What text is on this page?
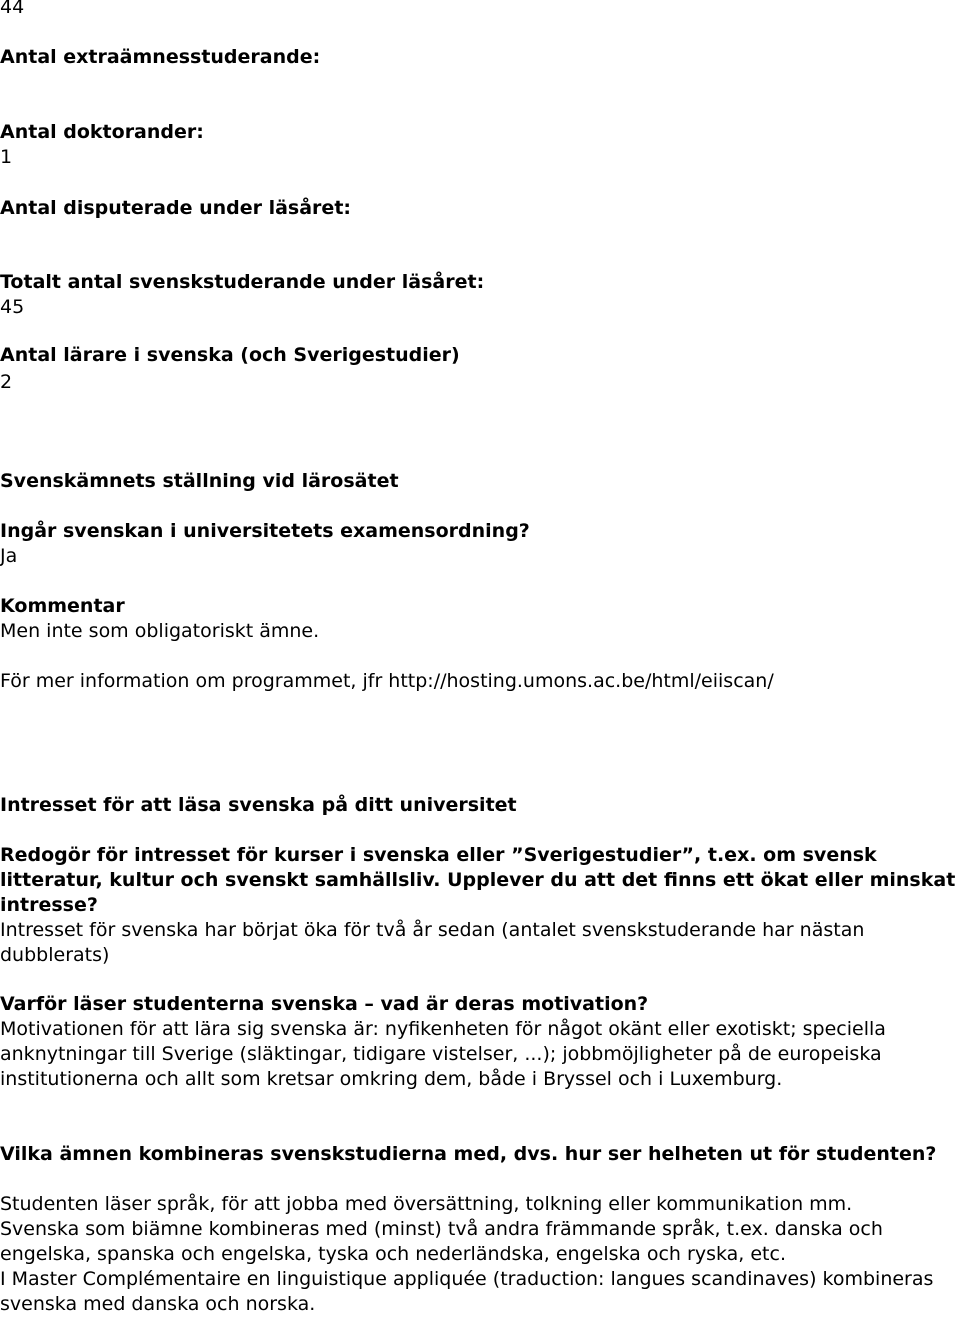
44
Antal extraämnesstuderande:
Antal doktorander:
1
Antal disputerade under läsåret:
Totalt antal svenskstuderande under läsåret:
45
Antal lärare i svenska (och Sverigestudier)
2
Svenskämnets ställning vid lärosätet
Ingår svenskan i universitetets examensordning?
Ja
Kommentar
Men inte som obligatoriskt ämne.
För mer information om programmet, jfr http://hosting.umons.ac.be/html/eiiscan/
Intresset för att läsa svenska på ditt universitet

Redogör för intresset för kurser i svenska eller ”Sverigestudier”, t.ex. om svensk litteratur, kultur och svenskt samhällsliv. Upplever du att det finns ett ökat eller minskat intresse?

Intresset för svenska har börjat öka för två år sedan (antalet svenskstuderande har nästan dubblerats)

Varför läser studenterna svenska – vad är deras motivation?

Motivationen för att lära sig svenska är: nyfikenheten för något okänt eller exotiskt; speciella anknytningar till Sverige (släktingar, tidigare vistelser, ...); jobbmöjligheter på de europeiska institutionerna och allt som kretsar omkring dem, både i Bryssel och i Luxemburg.

Vilka ämnen kombineras svenskstudierna med, dvs. hur ser helheten ut för studenten?

Studenten läser språk, för att jobba med översättning, tolkning eller kommunikation mm.

Svenska som biämne kombineras med (minst) två andra främmande språk, t.ex. danska och engelska, spanska och engelska, tyska och nederländska, engelska och ryska, etc.

I Master Complémentaire en linguistique appliquée (traduction: langues scandinaves) kombineras svenska med danska och norska.
